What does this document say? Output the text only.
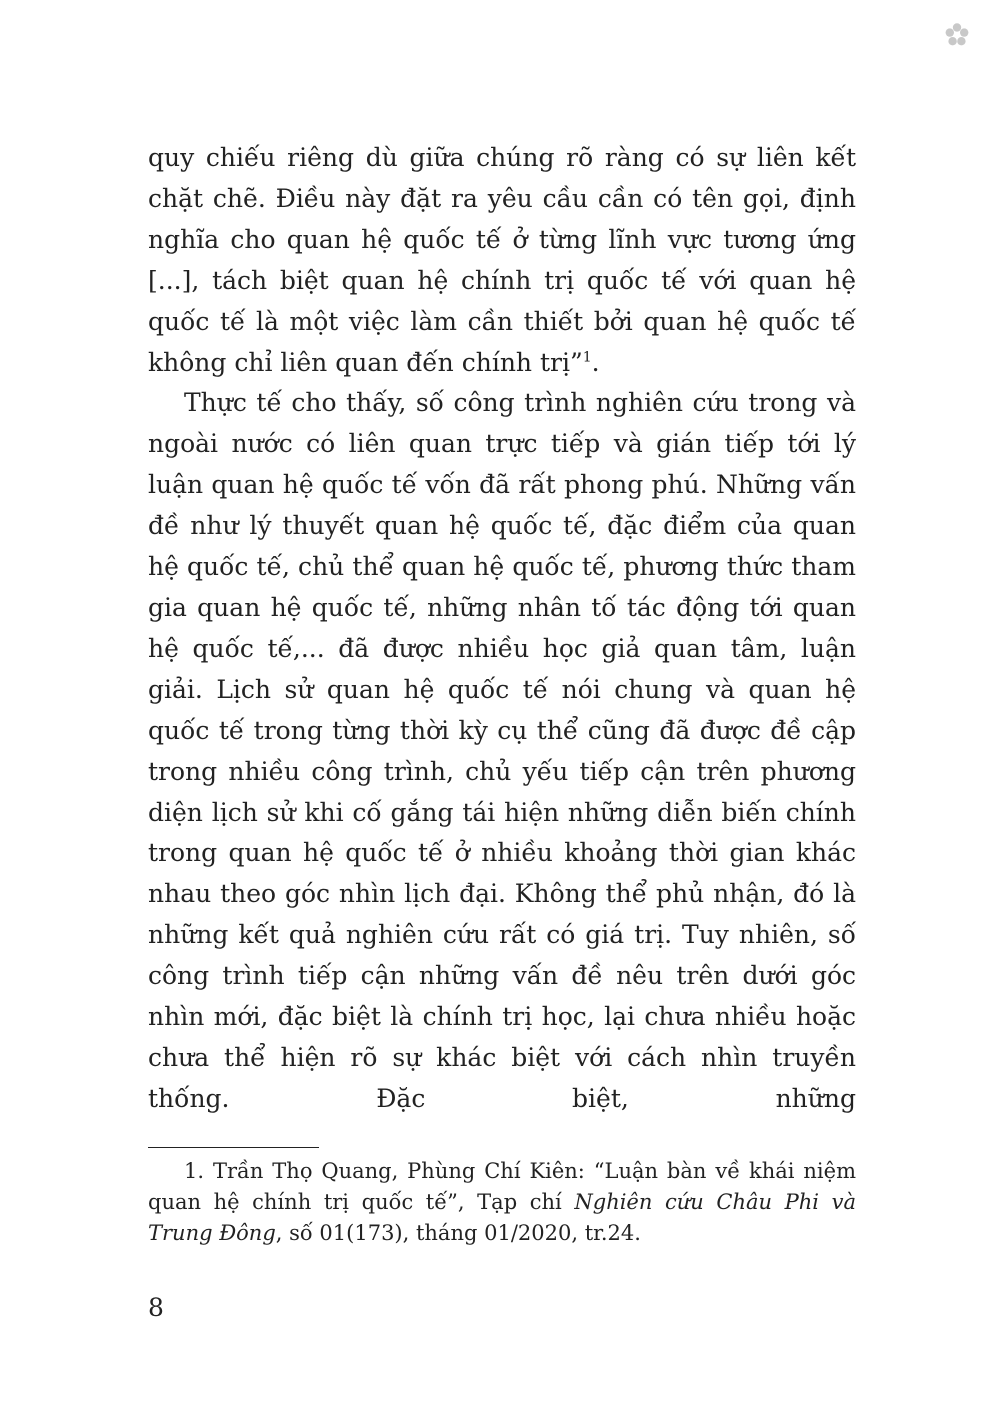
quy chiếu riêng dù giữa chúng rõ ràng có sự liên kết chặt chẽ. Điều này đặt ra yêu cầu cần có tên gọi, định nghĩa cho quan hệ quốc tế ở từng lĩnh vực tương ứng [...], tách biệt quan hệ chính trị quốc tế với quan hệ quốc tế là một việc làm cần thiết bởi quan hệ quốc tế không chỉ liên quan đến chính trị”$^1$.

Thực tế cho thấy, số công trình nghiên cứu trong và ngoài nước có liên quan trực tiếp và gián tiếp tới lý luận quan hệ quốc tế vốn đã rất phong phú. Những vấn đề như lý thuyết quan hệ quốc tế, đặc điểm của quan hệ quốc tế, chủ thể quan hệ quốc tế, phương thức tham gia quan hệ quốc tế, những nhân tố tác động tới quan hệ quốc tế,... đã được nhiều học giả quan tâm, luận giải. Lịch sử quan hệ quốc tế nói chung và quan hệ quốc tế trong từng thời kỳ cụ thể cũng đã được đề cập trong nhiều công trình, chủ yếu tiếp cận trên phương diện lịch sử khi cố gắng tái hiện những diễn biến chính trong quan hệ quốc tế ở nhiều khoảng thời gian khác nhau theo góc nhìn lịch đại. Không thể phủ nhận, đó là những kết quả nghiên cứu rất có giá trị. Tuy nhiên, số công trình tiếp cận những vấn đề nêu trên dưới góc nhìn mới, đặc biệt là chính trị học, lại chưa nhiều hoặc chưa thể hiện rõ sự khác biệt với cách nhìn truyền thống. Đặc biệt, những

1. Trần Thọ Quang, Phùng Chí Kiên: “Luận bàn về khái niệm quan hệ chính trị quốc tế”, Tạp chí Nghiên cứu Châu Phi và Trung Đông, số 01(173), tháng 01/2020, tr.24.

8
